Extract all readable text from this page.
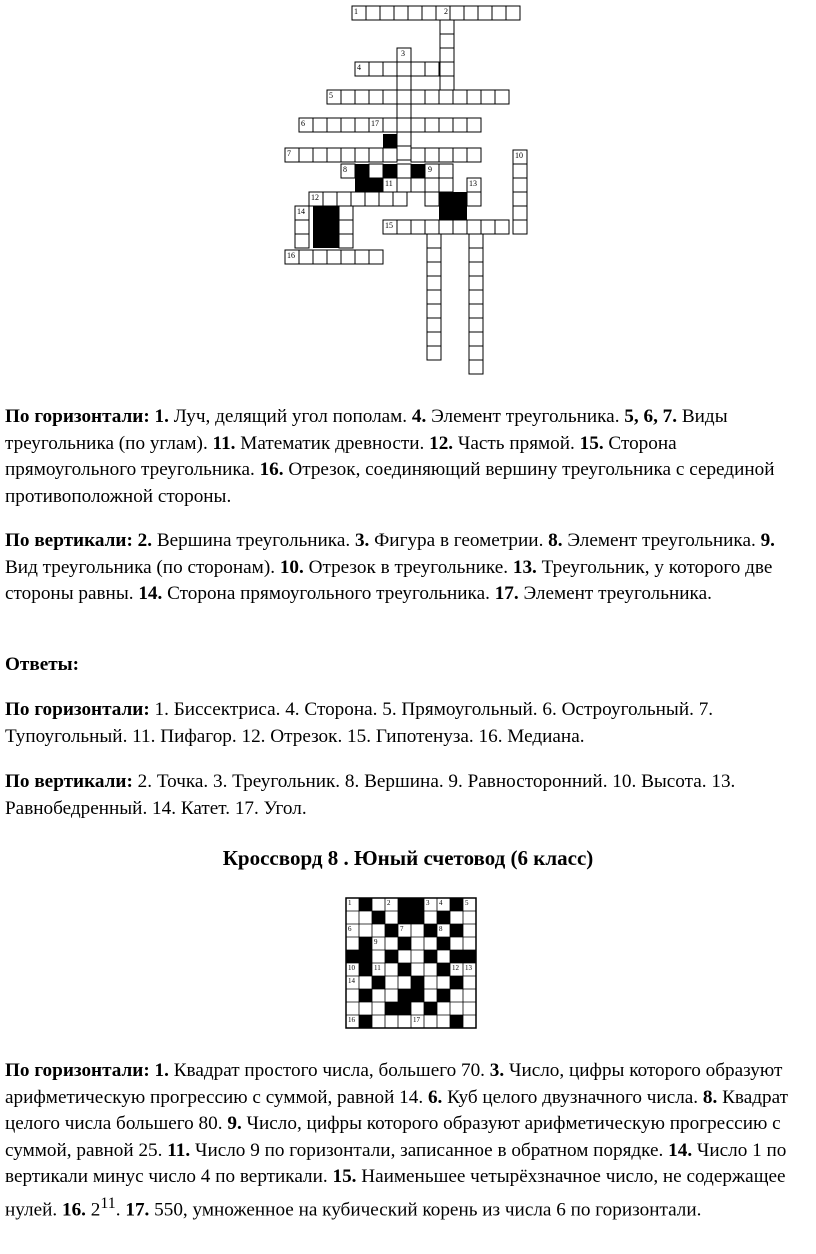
1	2
3
4
5
6	17
7	10
8	9
11	13
12
14
15
16
По горизонтали: 1. Луч, делящий угол пополам. 4. Элемент треугольника. 5, 6, 7. Виды треугольника (по углам). 11. Математик древности. 12. Часть прямой. 15. Сторона прямоугольного треугольника. 16. Отрезок, соединяющий вершину треугольника с серединой противоположной стороны.
По вертикали: 2. Вершина треугольника. 3. Фигура в геометрии. 8. Элемент треугольника. 9. Вид треугольника (по сторонам). 10. Отрезок в треугольнике. 13. Треугольник, у которого две стороны равны. 14. Сторона прямоугольного треугольника. 17. Элемент треугольника.
Ответы:
По горизонтали: 1. Биссектриса. 4. Сторона. 5. Прямоугольный. 6. Остроугольный. 7. Тупоугольный. 11. Пифагор. 12. Отрезок. 15. Гипотенуза. 16. Медиана.
По вертикали: 2. Точка. 3. Треугольник. 8. Вершина. 9. Равносторонний. 10. Высота. 13. Равнобедренный. 14. Катет. 17. Угол.
Кроссворд 8 . Юный счетовод (6 класс)
1	2	3 4	5
6	7	8
9
10	11	12 13
14
15
16	17
По горизонтали: 1. Квадрат простого числа, большего 70. 3. Число, цифры которого образуют арифметическую прогрессию с суммой, равной 14. 6. Куб целого двузначного числа. 8. Квадрат целого числа большего 80. 9. Число, цифры которого образуют арифметическую прогрессию с суммой, равной 25. 11. Число 9 по горизонтали, записанное в обратном порядке. 14. Число 1 по вертикали минус число 4 по вертикали. 15. Наименьшее четырёхзначное число, не содержащее нулей. 16. $2^{11}$. 17. 550, умноженное на кубический корень из числа 6 по горизонтали.
